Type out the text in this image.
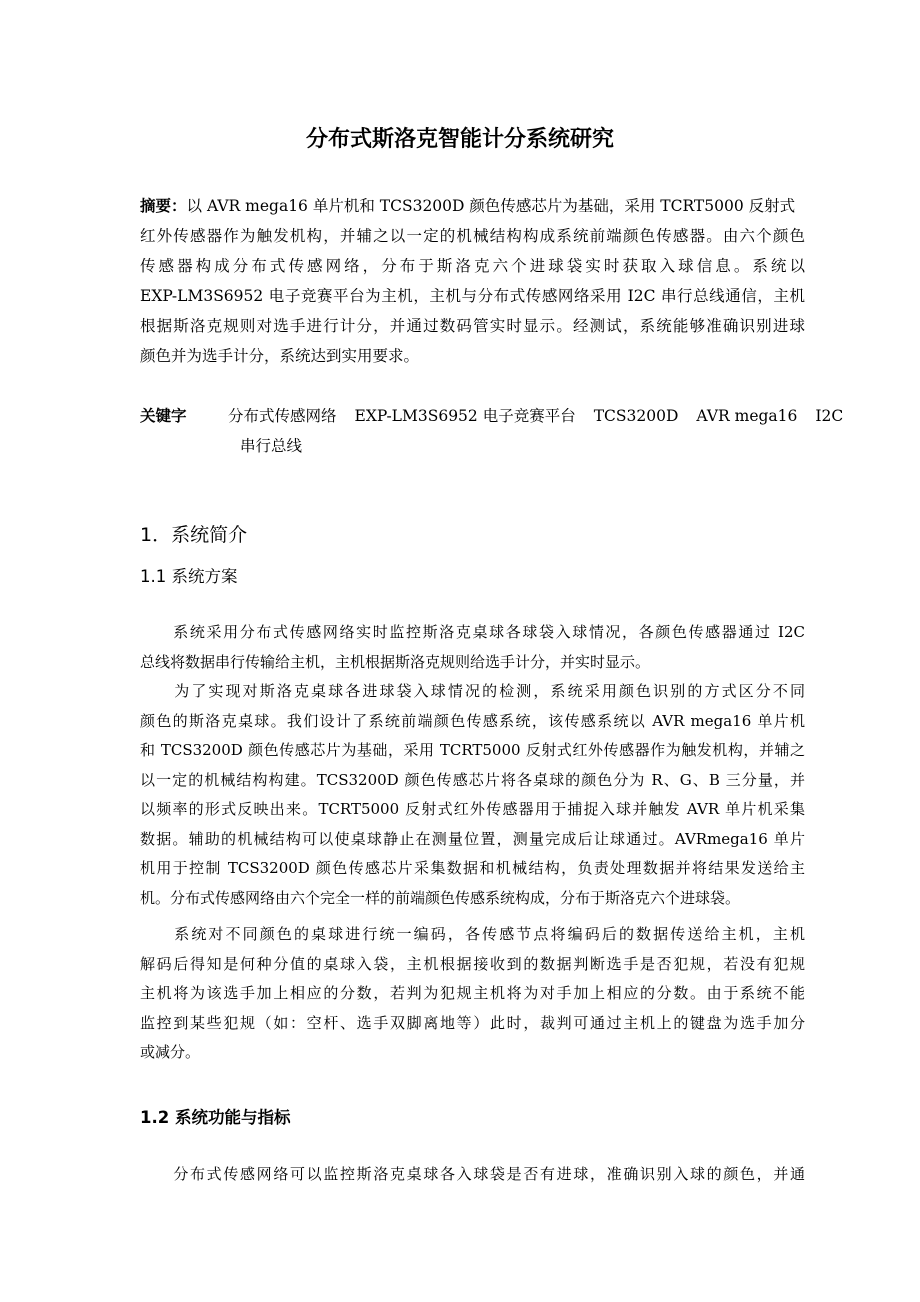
分布式斯洛克智能计分系统研究
摘要：以 AVR mega16 单片机和 TCS3200D 颜色传感芯片为基础，采用 TCRT5000 反射式
红外传感器作为触发机构，并辅之以一定的机械结构构成系统前端颜色传感器。由六个颜色
传感器构成分布式传感网络，分布于斯洛克六个进球袋实时获取入球信息。系统以
EXP-LM3S6952 电子竞赛平台为主机，主机与分布式传感网络采用 I2C 串行总线通信，主机
根据斯洛克规则对选手进行计分，并通过数码管实时显示。经测试，系统能够准确识别进球
颜色并为选手计分，系统达到实用要求。
关键字	分布式传感网络 EXP-LM3S6952 电子竞赛平台 TCS3200D AVR mega16 I2C
串行总线
1．系统简介
1.1 系统方案
　　系统采用分布式传感网络实时监控斯洛克桌球各球袋入球情况，各颜色传感器通过 I2C
总线将数据串行传输给主机，主机根据斯洛克规则给选手计分，并实时显示。
　　为了实现对斯洛克桌球各进球袋入球情况的检测，系统采用颜色识别的方式区分不同
颜色的斯洛克桌球。我们设计了系统前端颜色传感系统，该传感系统以 AVR mega16 单片机
和 TCS3200D 颜色传感芯片为基础，采用 TCRT5000 反射式红外传感器作为触发机构，并辅之
以一定的机械结构构建。TCS3200D 颜色传感芯片将各桌球的颜色分为 R、G、B 三分量，并
以频率的形式反映出来。TCRT5000 反射式红外传感器用于捕捉入球并触发 AVR 单片机采集
数据。辅助的机械结构可以使桌球静止在测量位置，测量完成后让球通过。AVRmega16 单片
机用于控制 TCS3200D 颜色传感芯片采集数据和机械结构，负责处理数据并将结果发送给主
机。分布式传感网络由六个完全一样的前端颜色传感系统构成，分布于斯洛克六个进球袋。
　　系统对不同颜色的桌球进行统一编码，各传感节点将编码后的数据传送给主机，主机
解码后得知是何种分值的桌球入袋，主机根据接收到的数据判断选手是否犯规，若没有犯规
主机将为该选手加上相应的分数，若判为犯规主机将为对手加上相应的分数。由于系统不能
监控到某些犯规（如：空杆、选手双脚离地等）此时，裁判可通过主机上的键盘为选手加分
或减分。
1.2 系统功能与指标
　　分布式传感网络可以监控斯洛克桌球各入球袋是否有进球，准确识别入球的颜色，并通
